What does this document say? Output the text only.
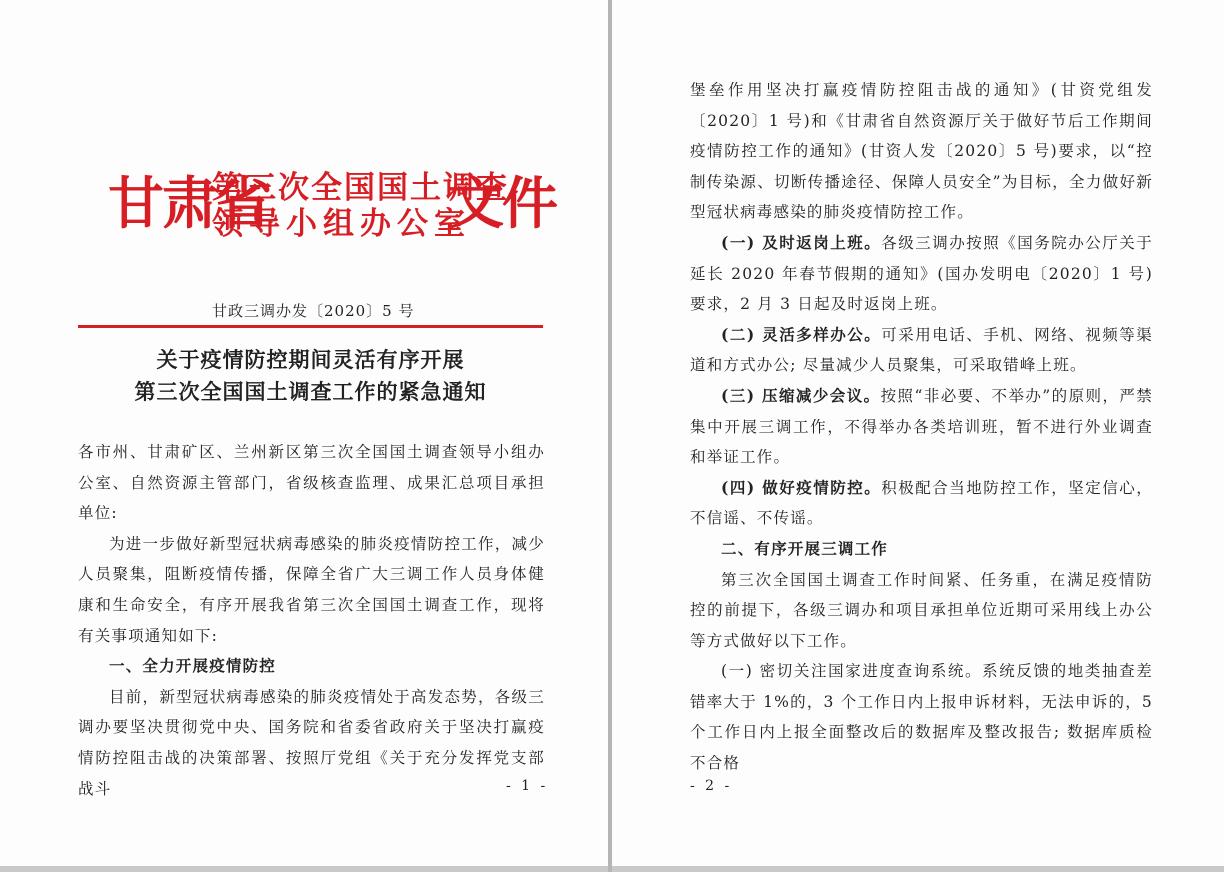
甘肃省
第三次全国国土调查
领导小组办公室
文件
甘政三调办发〔2020〕5 号
关于疫情防控期间灵活有序开展
第三次全国国土调查工作的紧急通知

各市州、甘肃矿区、兰州新区第三次全国国土调查领导小组办公室、自然资源主管部门，省级核查监理、成果汇总项目承担单位:

为进一步做好新型冠状病毒感染的肺炎疫情防控工作，减少人员聚集，阻断疫情传播，保障全省广大三调工作人员身体健康和生命安全，有序开展我省第三次全国国土调查工作，现将有关事项通知如下:

一、全力开展疫情防控

目前，新型冠状病毒感染的肺炎疫情处于高发态势，各级三调办要坚决贯彻党中央、国务院和省委省政府关于坚决打赢疫情防控阻击战的决策部署、按照厅党组《关于充分发挥党支部战斗	- 1 -

堡垒作用坚决打赢疫情防控阻击战的通知》(甘资党组发〔2020〕1 号)和《甘肃省自然资源厅关于做好节后工作期间疫情防控工作的通知》(甘资人发〔2020〕5 号)要求，以“控制传染源、切断传播途径、保障人员安全”为目标，全力做好新型冠状病毒感染的肺炎疫情防控工作。

(一) 及时返岗上班。各级三调办按照《国务院办公厅关于延长 2020 年春节假期的通知》(国办发明电〔2020〕1 号)要求，2 月 3 日起及时返岗上班。

(二) 灵活多样办公。可采用电话、手机、网络、视频等渠道和方式办公; 尽量减少人员聚集，可采取错峰上班。

(三) 压缩减少会议。按照“非必要、不举办”的原则，严禁集中开展三调工作，不得举办各类培训班，暂不进行外业调查和举证工作。

(四) 做好疫情防控。积极配合当地防控工作，坚定信心，不信谣、不传谣。

二、有序开展三调工作

第三次全国国土调查工作时间紧、任务重，在满足疫情防控的前提下，各级三调办和项目承担单位近期可采用线上办公等方式做好以下工作。

(一) 密切关注国家进度查询系统。系统反馈的地类抽查差错率大于 1%的，3 个工作日内上报申诉材料，无法申诉的，5 个工作日内上报全面整改后的数据库及整改报告; 数据库质检不合格

- 2 -
